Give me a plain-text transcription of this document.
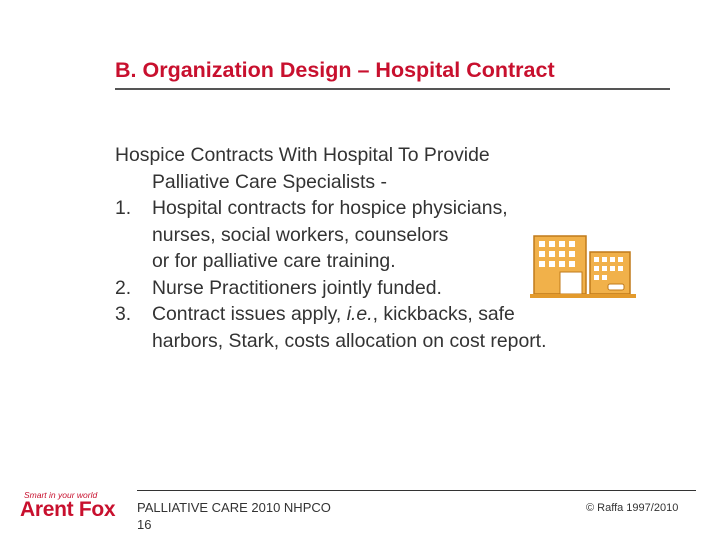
B. Organization Design – Hospital Contract
Hospice Contracts With Hospital To Provide
Palliative Care Specialists -
1. Hospital contracts for hospice physicians,
nurses, social workers, counselors
or for palliative care training.
2. Nurse Practitioners jointly funded.
3. Contract issues apply, i.e., kickbacks, safe
harbors, Stark, costs allocation on cost report.
Smart in your world
Arent Fox PALLIATIVE CARE 2010 NHPCO
16
© Raffa 1997/2010
